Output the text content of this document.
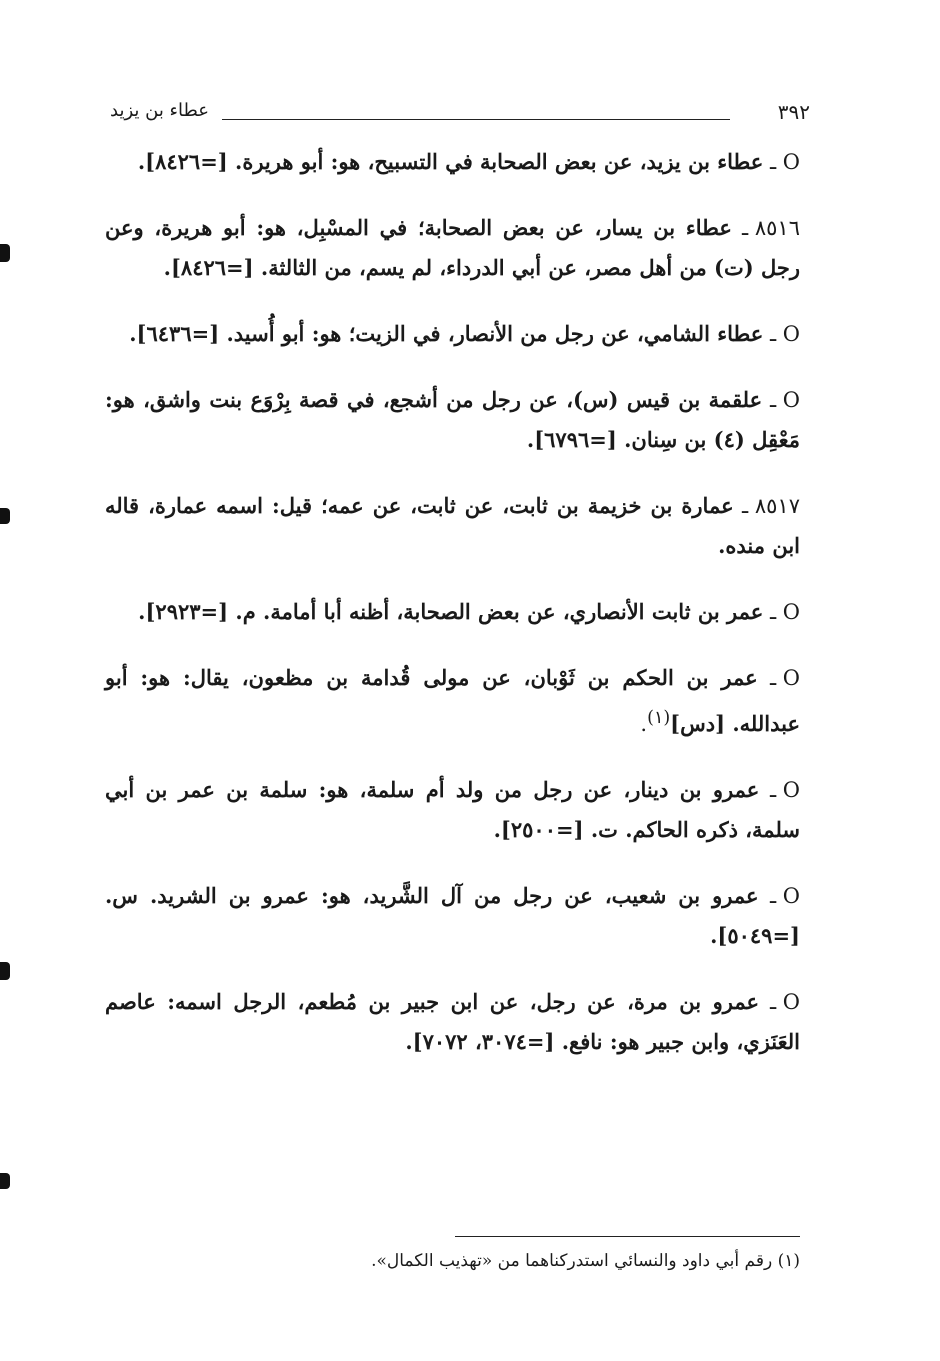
٣٩٢
عطاء بن يزيد

O ـ عطاء بن يزيد، عن بعض الصحابة في التسبيح، هو: أبو هريرة. [=٨٤٢٦].

٨٥١٦ ـ عطاء بن يسار، عن بعض الصحابة؛ في المسْبِل، هو: أبو هريرة، وعن رجل (ت) من أهل مصر، عن أبي الدرداء، لم يسم، من الثالثة. [=٨٤٢٦].

O ـ عطاء الشامي، عن رجل من الأنصار، في الزيت؛ هو: أبو أُسيد. [=٦٤٣٦].

O ـ علقمة بن قيس (س)، عن رجل من أشجع، في قصة بِرْوَع بنت واشق، هو: مَعْقِل (٤) بن سِنان. [=٦٧٩٦].

٨٥١٧ ـ عمارة بن خزيمة بن ثابت، عن ثابت، عن عمه؛ قيل: اسمه عمارة، قاله ابن منده.

O ـ عمر بن ثابت الأنصاري، عن بعض الصحابة، أظنه أبا أمامة. م. [=٢٩٢٣].

O ـ عمر بن الحكم بن ثَوْبان، عن مولى قُدامة بن مظعون، يقال: هو: أبو عبدالله. [دس]$^{(١)}$.

O ـ عمرو بن دينار، عن رجل من ولد أم سلمة، هو: سلمة بن عمر بن أبي سلمة، ذكره الحاكم. ت. [=٢٥٠٠].

O ـ عمرو بن شعيب، عن رجل من آل الشَّريد، هو: عمرو بن الشريد. س. [=٥٠٤٩].

O ـ عمرو بن مرة، عن رجل، عن ابن جبير بن مُطعم، الرجل اسمه: عاصم العَنَزي، وابن جبير هو: نافع. [=٣٠٧٤، ٧٠٧٢].

(١) رقم أبي داود والنسائي استدركناهما من «تهذيب الكمال».
